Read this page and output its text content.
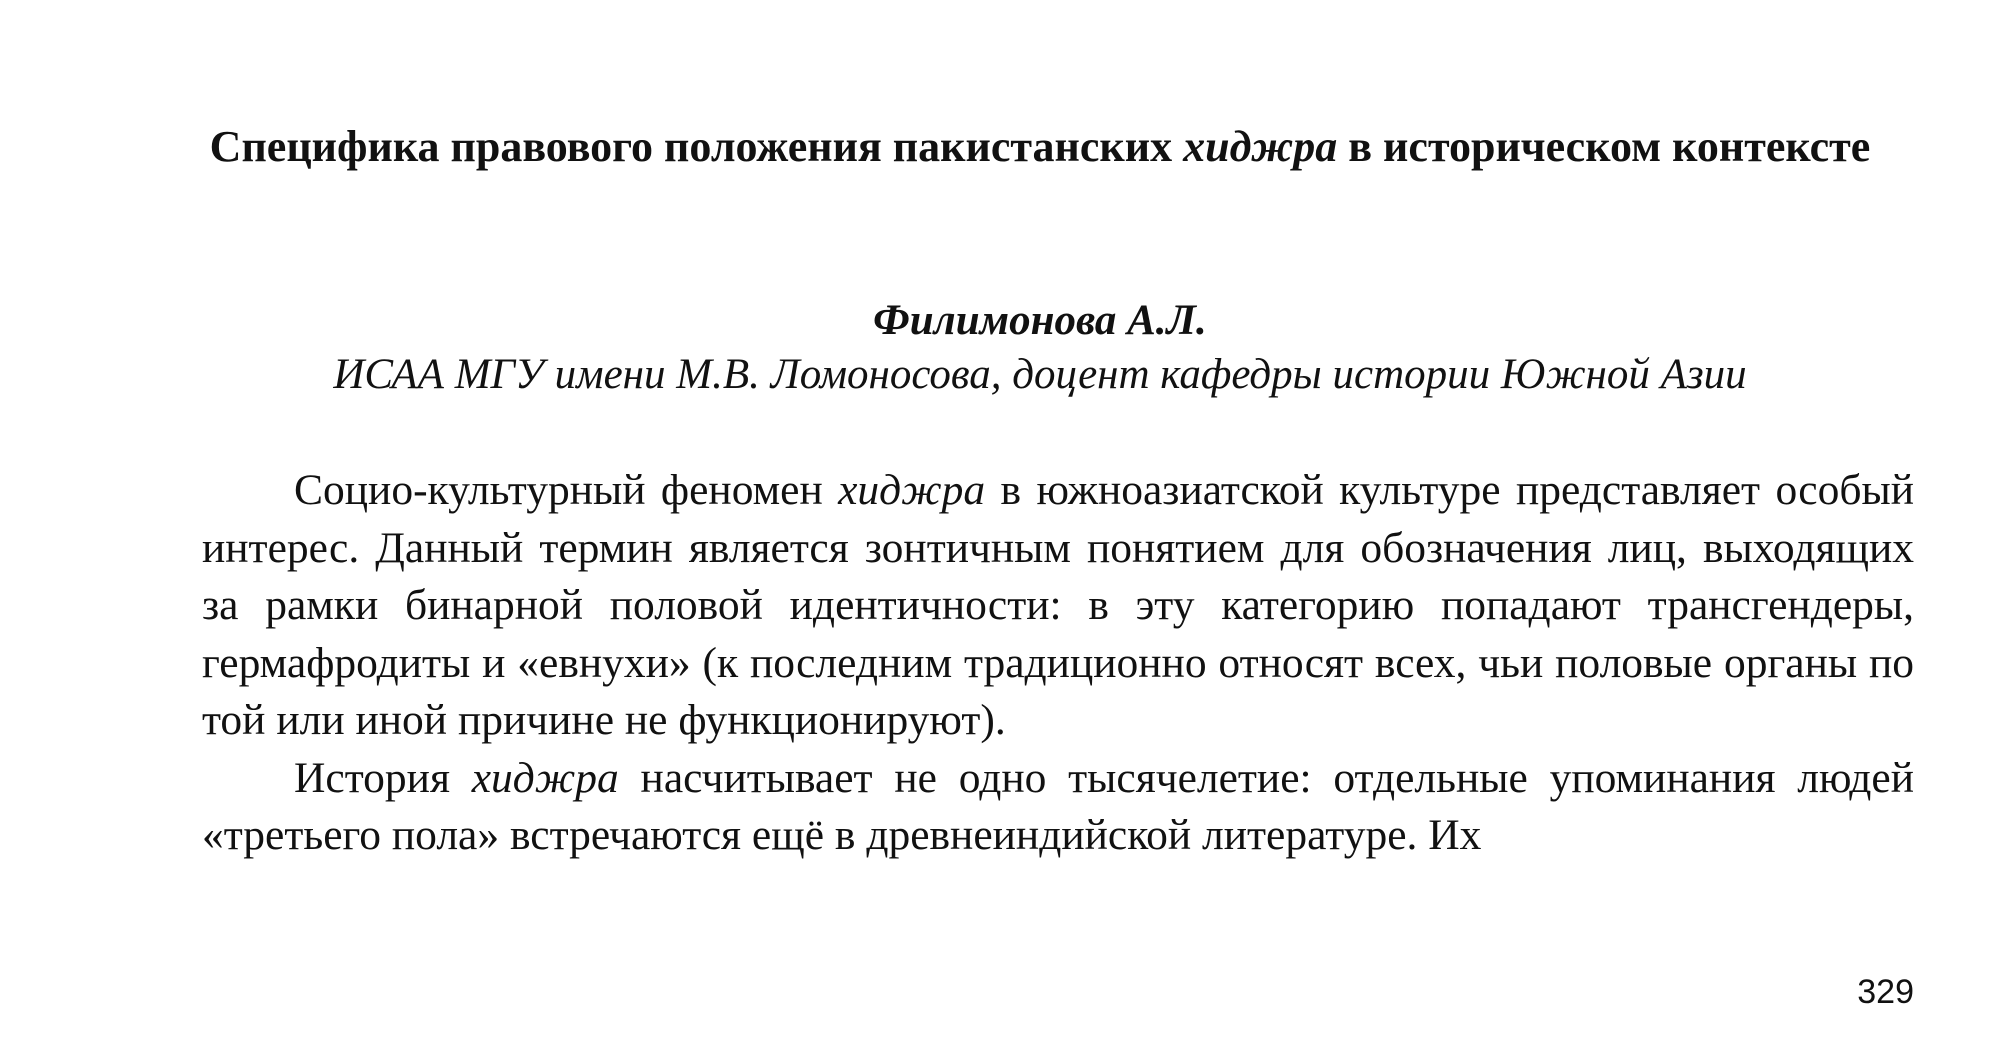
Специфика правового положения пакистанских хиджра в историческом контексте

Филимонова А.Л.

ИСАА МГУ имени М.В. Ломоносова, доцент кафедры истории Южной Азии

Социо-культурный феномен хиджра в южноазиатской культуре представляет особый интерес. Данный термин является зонтичным понятием для обозначения лиц, выходящих за рамки бинарной половой идентичности: в эту категорию попадают трансгендеры, гермафродиты и «евнухи» (к последним традиционно относят всех, чьи половые органы по той или иной причине не функционируют).

История хиджра насчитывает не одно тысячелетие: отдельные упоминания людей «третьего пола» встречаются ещё в древнеиндийской литературе. Их

329
